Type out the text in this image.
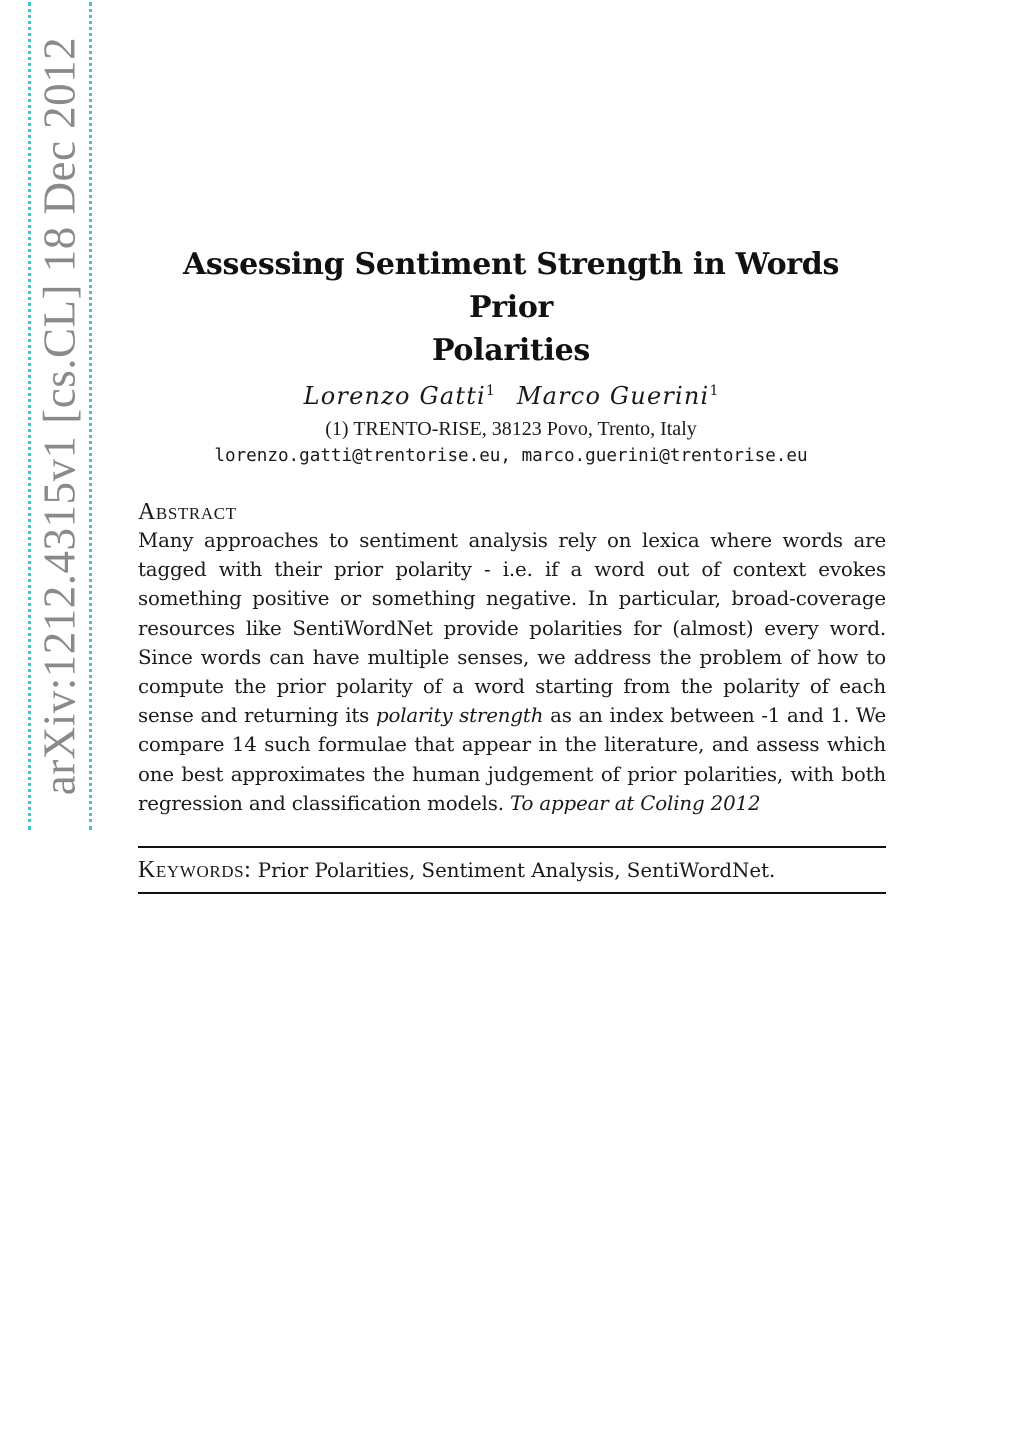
arXiv:1212.4315v1 [cs.CL] 18 Dec 2012	Assessing Sentiment Strength in Words Prior
Polarities
Lorenzo Gatti$^1$ Marco Guerini$^1$
(1) TRENTO-RISE, 38123 Povo, Trento, Italy
lorenzo.gatti@trentorise.eu, marco.guerini@trentorise.eu
Abstract
Many approaches to sentiment analysis rely on lexica where words are tagged with their prior polarity - i.e. if a word out of context evokes something positive or something negative. In particular, broad-coverage resources like SentiWordNet provide polarities for (almost) every word. Since words can have multiple senses, we address the problem of how to compute the prior polarity of a word starting from the polarity of each sense and returning its polarity strength as an index between -1 and 1. We compare 14 such formulae that appear in the literature, and assess which one best approximates the human judgement of prior polarities, with both regression and classification models. To appear at Coling 2012
Keywords: Prior Polarities, Sentiment Analysis, SentiWordNet.
